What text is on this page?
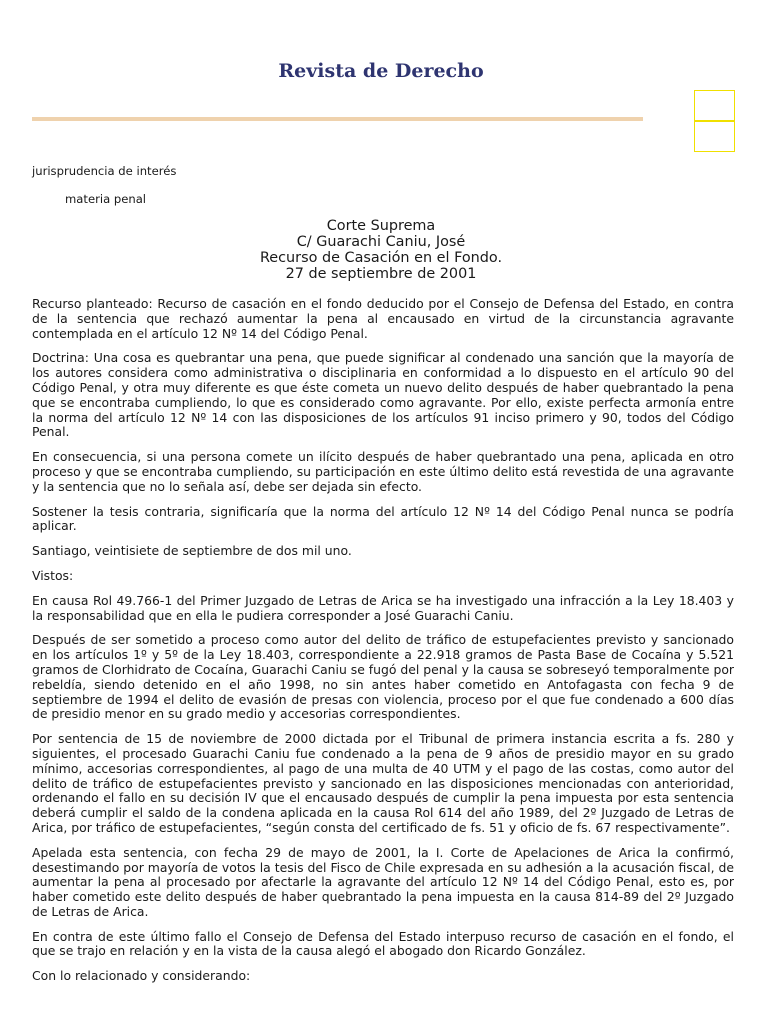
Revista de Derecho
jurisprudencia de interés
materia penal
Corte Suprema
C/ Guarachi Caniu, José
Recurso de Casación en el Fondo.
27 de septiembre de 2001

Recurso planteado: Recurso de casación en el fondo deducido por el Consejo de Defensa del Estado, en contra de la sentencia que rechazó aumentar la pena al encausado en virtud de la circunstancia agravante contemplada en el artículo 12 Nº 14 del Código Penal.

Doctrina: Una cosa es quebrantar una pena, que puede significar al condenado una sanción que la mayoría de los autores considera como administrativa o disciplinaria en conformidad a lo dispuesto en el artículo 90 del Código Penal, y otra muy diferente es que éste cometa un nuevo delito después de haber quebrantado la pena que se encontraba cumpliendo, lo que es considerado como agravante. Por ello, existe perfecta armonía entre la norma del artículo 12 Nº 14 con las disposiciones de los artículos 91 inciso primero y 90, todos del Código Penal.

En consecuencia, si una persona comete un ilícito después de haber quebrantado una pena, aplicada en otro proceso y que se encontraba cumpliendo, su participación en este último delito está revestida de una agravante y la sentencia que no lo señala así, debe ser dejada sin efecto.

Sostener la tesis contraria, significaría que la norma del artículo 12 Nº 14 del Código Penal nunca se podría aplicar.

Santiago, veintisiete de septiembre de dos mil uno.

Vistos:

En causa Rol 49.766-1 del Primer Juzgado de Letras de Arica se ha investigado una infracción a la Ley 18.403 y la responsabilidad que en ella le pudiera corresponder a José Guarachi Caniu.

Después de ser sometido a proceso como autor del delito de tráfico de estupefacientes previsto y sancionado en los artículos 1º y 5º de la Ley 18.403, correspondiente a 22.918 gramos de Pasta Base de Cocaína y 5.521 gramos de Clorhidrato de Cocaína, Guarachi Caniu se fugó del penal y la causa se sobreseyó temporalmente por rebeldía, siendo detenido en el año 1998, no sin antes haber cometido en Antofagasta con fecha 9 de septiembre de 1994 el delito de evasión de presas con violencia, proceso por el que fue condenado a 600 días de presidio menor en su grado medio y accesorias correspondientes.

Por sentencia de 15 de noviembre de 2000 dictada por el Tribunal de primera instancia escrita a fs. 280 y siguientes, el procesado Guarachi Caniu fue condenado a la pena de 9 años de presidio mayor en su grado mínimo, accesorias correspondientes, al pago de una multa de 40 UTM y el pago de las costas, como autor del delito de tráfico de estupefacientes previsto y sancionado en las disposiciones mencionadas con anterioridad, ordenando el fallo en su decisión IV que el encausado después de cumplir la pena impuesta por esta sentencia deberá cumplir el saldo de la condena aplicada en la causa Rol 614 del año 1989, del 2º Juzgado de Letras de Arica, por tráfico de estupefacientes, “según consta del certificado de fs. 51 y oficio de fs. 67 respectivamente”.

Apelada esta sentencia, con fecha 29 de mayo de 2001, la I. Corte de Apelaciones de Arica la confirmó, desestimando por mayoría de votos la tesis del Fisco de Chile expresada en su adhesión a la acusación fiscal, de aumentar la pena al procesado por afectarle la agravante del artículo 12 Nº 14 del Código Penal, esto es, por haber cometido este delito después de haber quebrantado la pena impuesta en la causa 814-89 del 2º Juzgado de Letras de Arica.

En contra de este último fallo el Consejo de Defensa del Estado interpuso recurso de casación en el fondo, el que se trajo en relación y en la vista de la causa alegó el abogado don Ricardo González.

Con lo relacionado y considerando:
